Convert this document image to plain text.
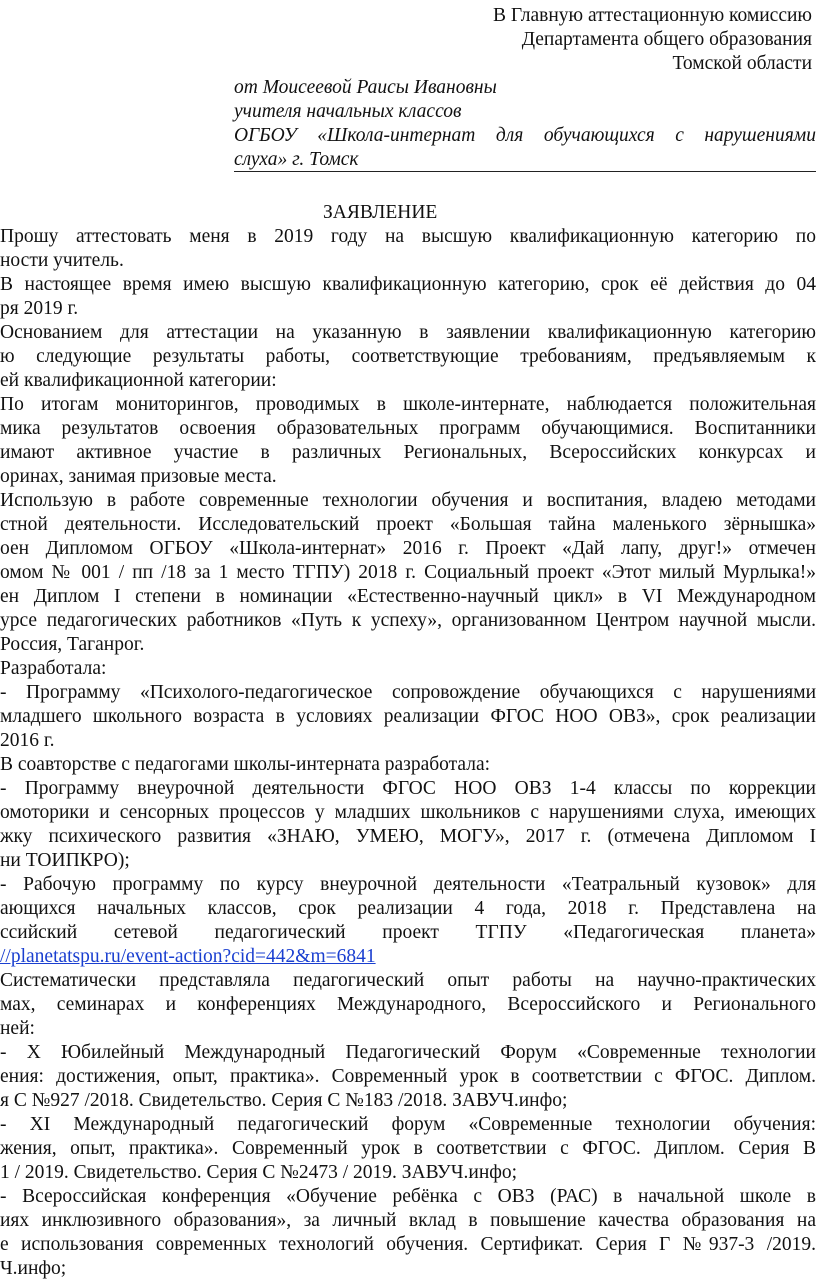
В Главную аттестационную комиссию
Департамента общего образования
Томской области
от Моисеевой Раисы Ивановны
учителя начальных классов
ОГБОУ «Школа-интернат для обучающихся с нарушениями
слуха» г. Томск
ЗАЯВЛЕНИЕ
Прошу аттестовать меня в 2019 году на высшую квалификационную категорию по
ности учитель.
В настоящее время имею высшую квалификационную категорию, срок её действия до 04
ря 2019 г.
Основанием для аттестации на указанную в заявлении квалификационную категорию
ю следующие результаты работы, соответствующие требованиям, предъявляемым к
ей квалификационной категории:
По итогам мониторингов, проводимых в школе-интернате, наблюдается положительная
мика результатов освоения образовательных программ обучающимися. Воспитанники
имают активное участие в различных Региональных, Всероссийских конкурсах и
оринах, занимая призовые места.
Использую в работе современные технологии обучения и воспитания, владею методами
стной деятельности. Исследовательский проект «Большая тайна маленького зёрнышка»
оен Дипломом ОГБОУ «Школа-интернат» 2016 г. Проект «Дай лапу, друг!» отмечен
омом № 001 / пп /18 за 1 место ТГПУ) 2018 г. Социальный проект «Этот милый Мурлыка!»
ен Диплом I степени в номинации «Естественно-научный цикл» в VI Международном
урсе педагогических работников «Путь к успеху», организованном Центром научной мысли.
Россия, Таганрог.
Разработала:
- Программу «Психолого-педагогическое сопровождение обучающихся с нарушениями
младшего школьного возраста в условиях реализации ФГОС НОО ОВЗ», срок реализации
2016 г.
В соавторстве с педагогами школы-интерната разработала:
- Программу внеурочной деятельности ФГОС НОО ОВЗ 1-4 классы по коррекции
омоторики и сенсорных процессов у младших школьников с нарушениями слуха, имеющих
жку психического развития «ЗНАЮ, УМЕЮ, МОГУ», 2017 г. (отмечена Дипломом I
ни ТОИПКРО);
- Рабочую программу по курсу внеурочной деятельности «Театральный кузовок» для
ающихся начальных классов, срок реализации 4 года, 2018 г. Представлена на
ссийский сетевой педагогический проект ТГПУ «Педагогическая планета»
//planetatspu.ru/event-action?cid=442&m=6841
Систематически представляла педагогический опыт работы на научно-практических
мах, семинарах и конференциях Международного, Всероссийского и Регионального
ней:
- X Юбилейный Международный Педагогический Форум «Современные технологии
ения: достижения, опыт, практика». Современный урок в соответствии с ФГОС. Диплом.
я С №927 /2018. Свидетельство. Серия С №183 /2018. ЗАВУЧ.инфо;
- XI Международный педагогический форум «Современные технологии обучения:
жения, опыт, практика». Современный урок в соответствии с ФГОС. Диплом. Серия В
1 / 2019. Свидетельство. Серия С №2473 / 2019. ЗАВУЧ.инфо;
- Всероссийская конференция «Обучение ребёнка с ОВЗ (РАС) в начальной школе в
иях инклюзивного образования», за личный вклад в повышение качества образования на
е использования современных технологий обучения. Сертификат. Серия Г №937-3 /2019.
Ч.инфо;
